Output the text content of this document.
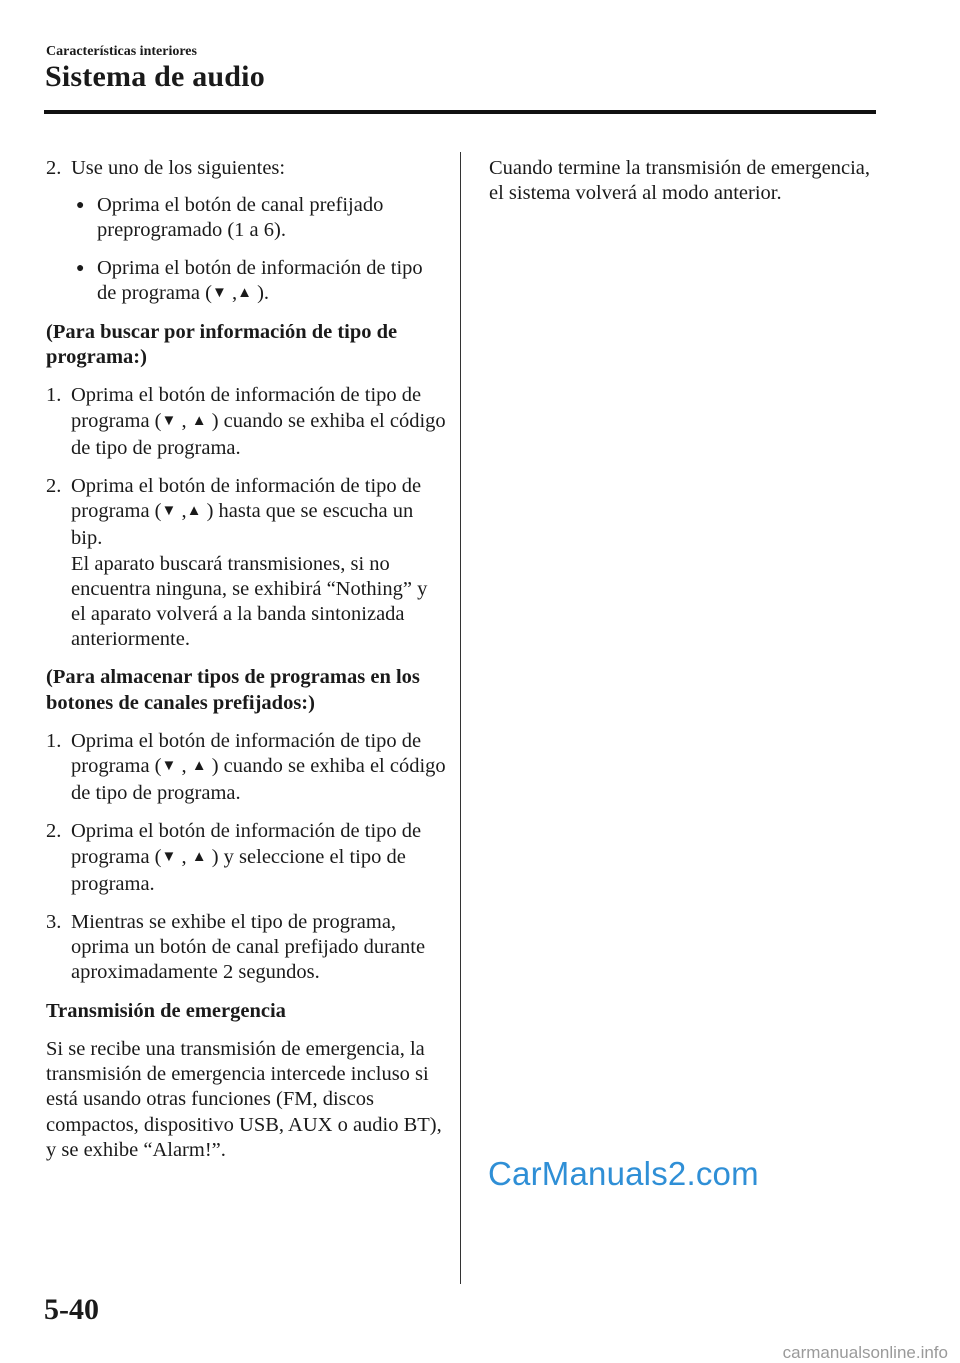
Características interiores
Sistema de audio
2. Use uno de los siguientes:
● Oprima el botón de canal prefijado preprogramado (1 a 6).
● Oprima el botón de información de tipo de programa (▼ ,▲ ).

(Para buscar por información de tipo de programa:)

1. Oprima el botón de información de tipo de programa (▼ , ▲ ) cuando se exhiba el código de tipo de programa.
2. Oprima el botón de información de tipo de programa (▼ ,▲ ) hasta que se escucha un bip.
El aparato buscará transmisiones, si no encuentra ninguna, se exhibirá “Nothing” y el aparato volverá a la banda sintonizada anteriormente.

(Para almacenar tipos de programas en los botones de canales prefijados:)

1. Oprima el botón de información de tipo de programa (▼ , ▲ ) cuando se exhiba el código de tipo de programa.
2. Oprima el botón de información de tipo de programa (▼ , ▲ ) y seleccione el tipo de programa.
3. Mientras se exhibe el tipo de programa, oprima un botón de canal prefijado durante aproximadamente 2 segundos.

Transmisión de emergencia

Si se recibe una transmisión de emergencia, la transmisión de emergencia intercede incluso si está usando otras funciones (FM, discos compactos, dispositivo USB, AUX o audio BT), y se exhibe “Alarm!”.

Cuando termine la transmisión de emergencia, el sistema volverá al modo anterior.

CarManuals2.com
5-40
carmanualsonline.info
